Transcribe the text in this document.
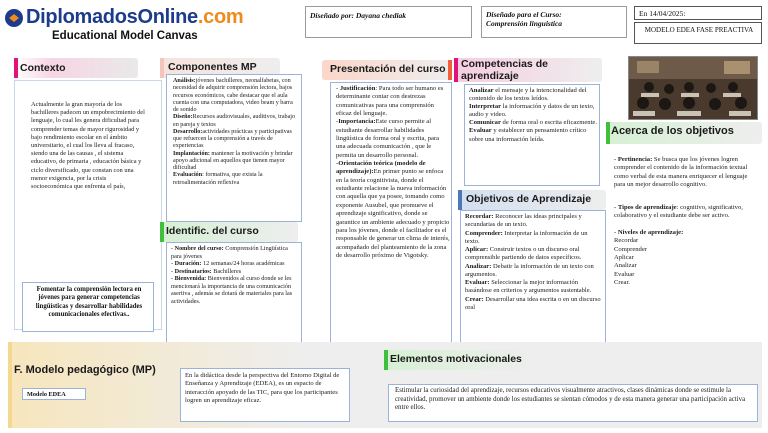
DiplomadosOnline.com
Educational Model Canvas
Diseñado por: Dayana chediak	Diseñado para el Curso:
Comprensión linguistica
En 14/04/2025:
MODELO EDEA FASE PREACTIVA
Contexto
Actualmente la gran mayoría de los bachilleres padecen un empobrecimiento del lenguaje, lo cual les genera dificultad para comprender temas de mayor rigurosidad y bajo rendimiento escolar en el ámbito universitario, el cual los lleva al fracaso, siendo una de las causas , el sistema educativo, de primaria , educación básica y ciclo diversificado, que constan con una menor exigencia, por la crisis socioeconómica que enfrenta el país,
Fomentar la comprensión lectora en jóvenes para generar competencias lingüísticas y desarrollar habilidades comunicacionales efectivas..
Componentes MP
Análisis:jóvenes bachilleres, neonalfabetas, con necesidad de adquirir comprensión lectora, bajos recursos económicos, cabe destacar que el aula cuenta con una computadora, video beam y barra de sonido
Diseño:Recursos audiovisuales, auditivos, trabajo en pareja y textos
Desarrollo:actividades prácticas y participativas que refuercen la comprensión a través de experiencias
Implantación: mantener la motivación y brindar apoyo adicional en aquellos que tienen mayor dificultad
Evaluación: formativa, que exista la retroalimentación reflexiva
Identific. del curso
- Nombre del curso: Comprensión Lingüística para jóvenes
- Duración: 12 semanas/24 horas académicas
- Destinatarios: Bachilleres
- Bienvenida: Bienvenidos al curso donde se les mencionará la importancia de una comunicación asertiva , además se dotará de materiales para las actividades.
Presentación del curso
- Justificación: Para todo ser humano es determinante contar con destrezas comunicativas para una comprensión eficaz del lenguaje.
-Importancia:Este curso permite al estudiante desarrollar habilidades lingüística de forma oral y escrita, para una adecuada comunicación , que le permita un desarrollo personal.
-Orientación teórica (modelo de aprendizaje):En primer punto se enfoca en la teoría cognitivista, donde el estudiante relacione la nueva información con aquella que ya posee, tomando como exponente Ausubel, que promueve el aprendizaje significativo, donde se garantice un ambiente adecuado y propicio para los jóvenes, donde el facilitador es el responsable de generar un clima de interés, acompañado del planteamiento de la zona de desarrollo próximo de Vigotsky.
Competencias de aprendizaje
Analizar el mensaje y la intencionalidad del contenido de los textos leídos.
Interpretar la información y datos de un texto, audio y video.
Comunicar de forma oral o escrita eficazmente.
Evaluar y establecer un pensamiento crítico sobre una información leída.
Objetivos de Aprendizaje
Recordar: Reconocer las ideas principales y secundarias de un texto.
Comprender: Interpretar la información de un texto.
Aplicar: Construir textos o un discurso oral comprensible partiendo de datos específicos.
Analizar: Debatir la información de un texto con argumentos.
Evaluar: Seleccionar la mejor información basándose en criterios y argumentos sustentable.
Crear: Desarrollar una idea escrita o en un discurso oral
Acerca de los objetivos
- Pertinencia: Se busca que los jóvenes logren comprender el contenido de la información textual como verbal de esta manera enriquecer el lenguaje para un mejor desarrollo cognitivo.
- Tipos de aprendizaje: cognitivo, significativo, colaborativo y el estudiante debe ser activo.
- Niveles de aprendizaje:
Recordar
Comprender
Aplicar
Analizar
Evaluar
Crear.
F. Modelo pedagógico (MP)
Modelo EDEA
En la didáctica desde la perspectiva del Entorno Digital de Enseñanza y Aprendizaje (EDEA), es un espacio de interacción apoyado de las TIC, para que los participantes logren un aprendizaje eficaz.
Elementos motivacionales
Estimular la curiosidad del aprendizaje, recursos educativos visualmente atractivos, clases dinámicas donde se estimule la creatividad, promover un ambiente donde los estudiantes se sientan cómodos y de esta manera generar una participación activa entre ellos.
